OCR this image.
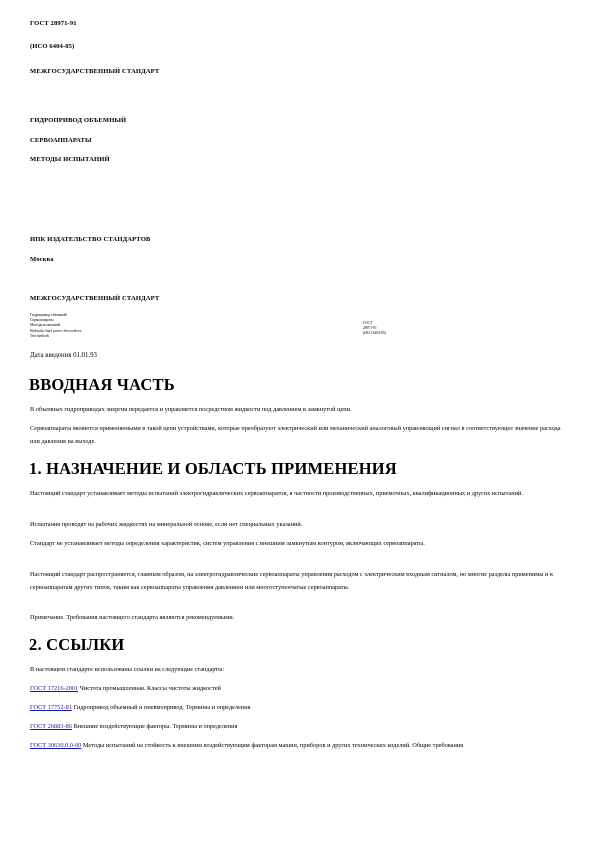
ГОСТ 28971-91
(ИСО 6404-85)
МЕЖГОСУДАРСТВЕННЫЙ СТАНДАРТ
ГИДРОПРИВОД ОБЪЕМНЫЙ
СЕРВОАППАРАТЫ
МЕТОДЫ ИСПЫТАНИЙ
ИПК ИЗДАТЕЛЬСТВО СТАНДАРТОВ
Москва
МЕЖГОСУДАРСТВЕННЫЙ СТАНДАРТ
Гидропривод объемный
Сервоаппараты
Методы испытаний
Hydraulic fluid power. Servovalves.
Test methods
ГОСТ
28971-91
(ИСО 6404-85)
Дата введения 01.01.93
ВВОДНАЯ ЧАСТЬ
В объемных гидроприводах энергия передается и управляется посредством жидкости под давлением в замкнутой цепи.
Сервоаппараты являются применяемыми в такой цепи устройствами, которые преобразуют электрический или механический аналоговый управляющий сигнал в соответствующее значение расхода или давления на выходе.
1. НАЗНАЧЕНИЕ И ОБЛАСТЬ ПРИМЕНЕНИЯ
Настоящий стандарт устанавливает методы испытаний электрогидравлических сервоаппаратов, в частности производственных, приемочных, квалификационных и других испытаний.
Испытания проводят на рабочих жидкостях на минеральной основе, если нет специальных указаний.
Стандарт не устанавливает методы определения характеристик, систем управления с внешним замкнутым контуром, включающих сервоаппараты.
Настоящий стандарт распространяется, главным образом, на электрогидравлические сервоаппараты управления расходом с электрическим входным сигналом, но многие разделы применимы и к сервоаппаратам других типов, таким как сервоаппараты управления давлением или многоступенчатые сервоаппараты.
Примечание. Требования настоящего стандарта являются рекомендуемыми.
2. ССЫЛКИ
В настоящем стандарте использованы ссылки на следующие стандарты:
ГОСТ 17216-2001 Чистота промышленная. Классы чистоты жидкостей
ГОСТ 17752-81 Гидропривод объемный и пневмопривод. Термины и определения
ГОСТ 26883-86 Внешние воздействующие факторы. Термины и определения
ГОСТ 30630.0.0-99 Методы испытаний на стойкость к внешним воздействующим факторам машин, приборов и других технических изделий. Общие требования
